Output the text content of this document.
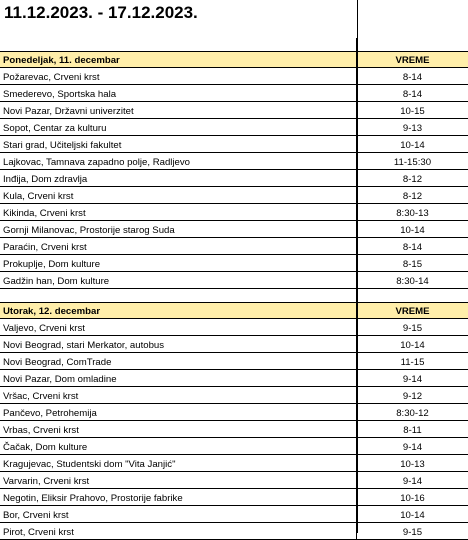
11.12.2023. - 17.12.2023.
Ponedeljak, 11. decembar	VREME
Požarevac, Crveni krst	8-14
Smederevo, Sportska hala	8-14
Novi Pazar, Državni univerzitet	10-15
Sopot, Centar za kulturu	9-13
Stari grad, Učiteljski fakultet	10-14
Lajkovac, Tamnava zapadno polje, Radljevo	11-15:30
Inđija, Dom zdravlja	8-12
Kula, Crveni krst	8-12
Kikinda, Crveni krst	8:30-13
Gornji Milanovac, Prostorije starog Suda	10-14
Paraćin, Crveni krst	8-14
Prokuplje, Dom kulture	8-15
Gadžin han, Dom kulture	8:30-14
Utorak, 12. decembar	VREME
Valjevo, Crveni krst	9-15
Novi Beograd, stari Merkator, autobus	10-14
Novi Beograd, ComTrade	11-15
Novi Pazar, Dom omladine	9-14
Vršac, Crveni krst	9-12
Pančevo, Petrohemija	8:30-12
Vrbas, Crveni krst	8-11
Čačak, Dom kulture	9-14
Kragujevac, Studentski dom "Vita Janjić"	10-13
Varvarin, Crveni krst	9-14
Negotin, Eliksir Prahovo, Prostorije fabrike	10-16
Bor, Crveni krst	10-14
Pirot, Crveni krst	9-15
